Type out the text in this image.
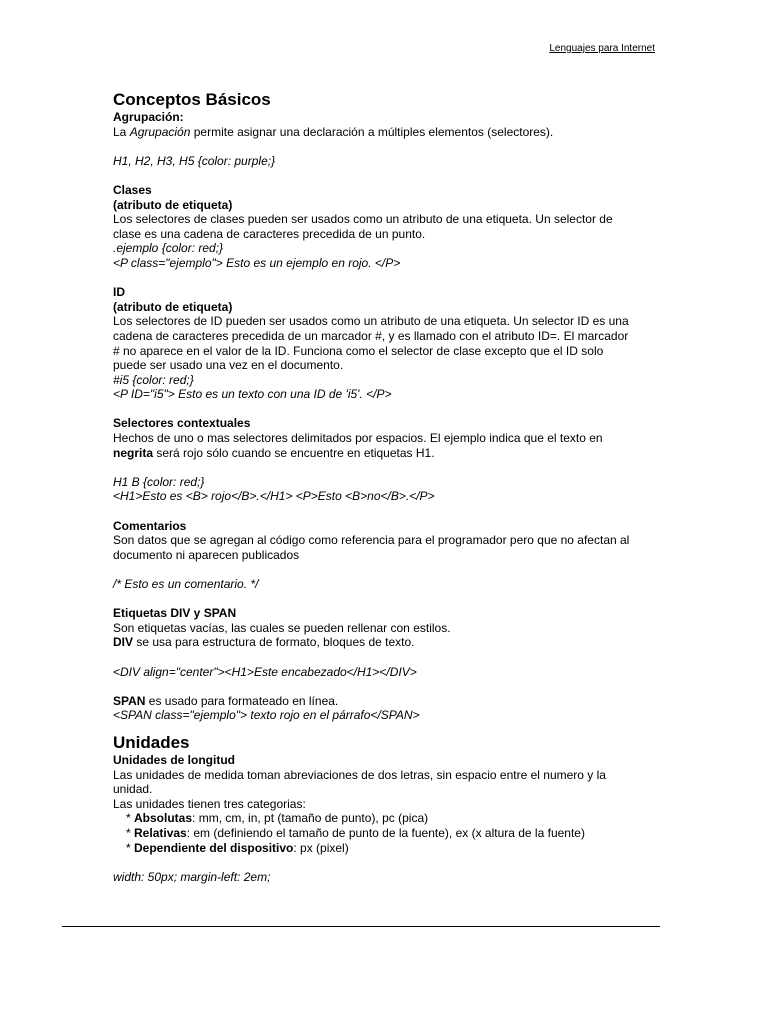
Lenguajes para Internet

Conceptos Básicos

Agrupación:

La Agrupación permite asignar una declaración a múltiples elementos (selectores).

H1, H2, H3, H5 {color: purple;}

Clases

(atributo de etiqueta)

Los selectores de clases pueden ser usados como un atributo de una etiqueta. Un selector de

clase es una cadena de caracteres precedida de un punto.

.ejemplo {color: red;}

<P class="ejemplo"> Esto es un ejemplo en rojo. </P>

ID

(atributo de etiqueta)

Los selectores de ID pueden ser usados como un atributo de una etiqueta. Un selector ID es una

cadena de caracteres precedida de un marcador #, y es llamado con el atributo ID=. El marcador

# no aparece en el valor de la ID. Funciona como el selector de clase excepto que el ID solo

puede ser usado una vez en el documento.

#i5 {color: red;}

<P ID="i5"> Esto es un texto con una ID de 'i5'. </P>

Selectores contextuales

Hechos de uno o mas selectores delimitados por espacios. El ejemplo indica que el texto en

negrita será rojo sólo cuando se encuentre en etiquetas H1.

H1 B {color: red;}

<H1>Esto es <B> rojo</B>.</H1> <P>Esto <B>no</B>.</P>

Comentarios

Son datos que se agregan al código como referencia para el programador pero que no afectan al

documento ni aparecen publicados

/* Esto es un comentario. */

Etiquetas DIV y SPAN

Son etiquetas vacías, las cuales se pueden rellenar con estilos.

DIV se usa para estructura de formato, bloques de texto.

<DIV align="center"><H1>Este encabezado</H1></DIV>

SPAN es usado para formateado en línea.

<SPAN class="ejemplo"> texto rojo en el párrafo</SPAN>

Unidades

Unidades de longitud

Las unidades de medida toman abreviaciones de dos letras, sin espacio entre el numero y la

unidad.

Las unidades tienen tres categorias:

* Absolutas: mm, cm, in, pt (tamaño de punto), pc (pica)

* Relativas: em (definiendo el tamaño de punto de la fuente), ex (x altura de la fuente)

* Dependiente del dispositivo: px (pixel)

width: 50px; margin-left: 2em;
